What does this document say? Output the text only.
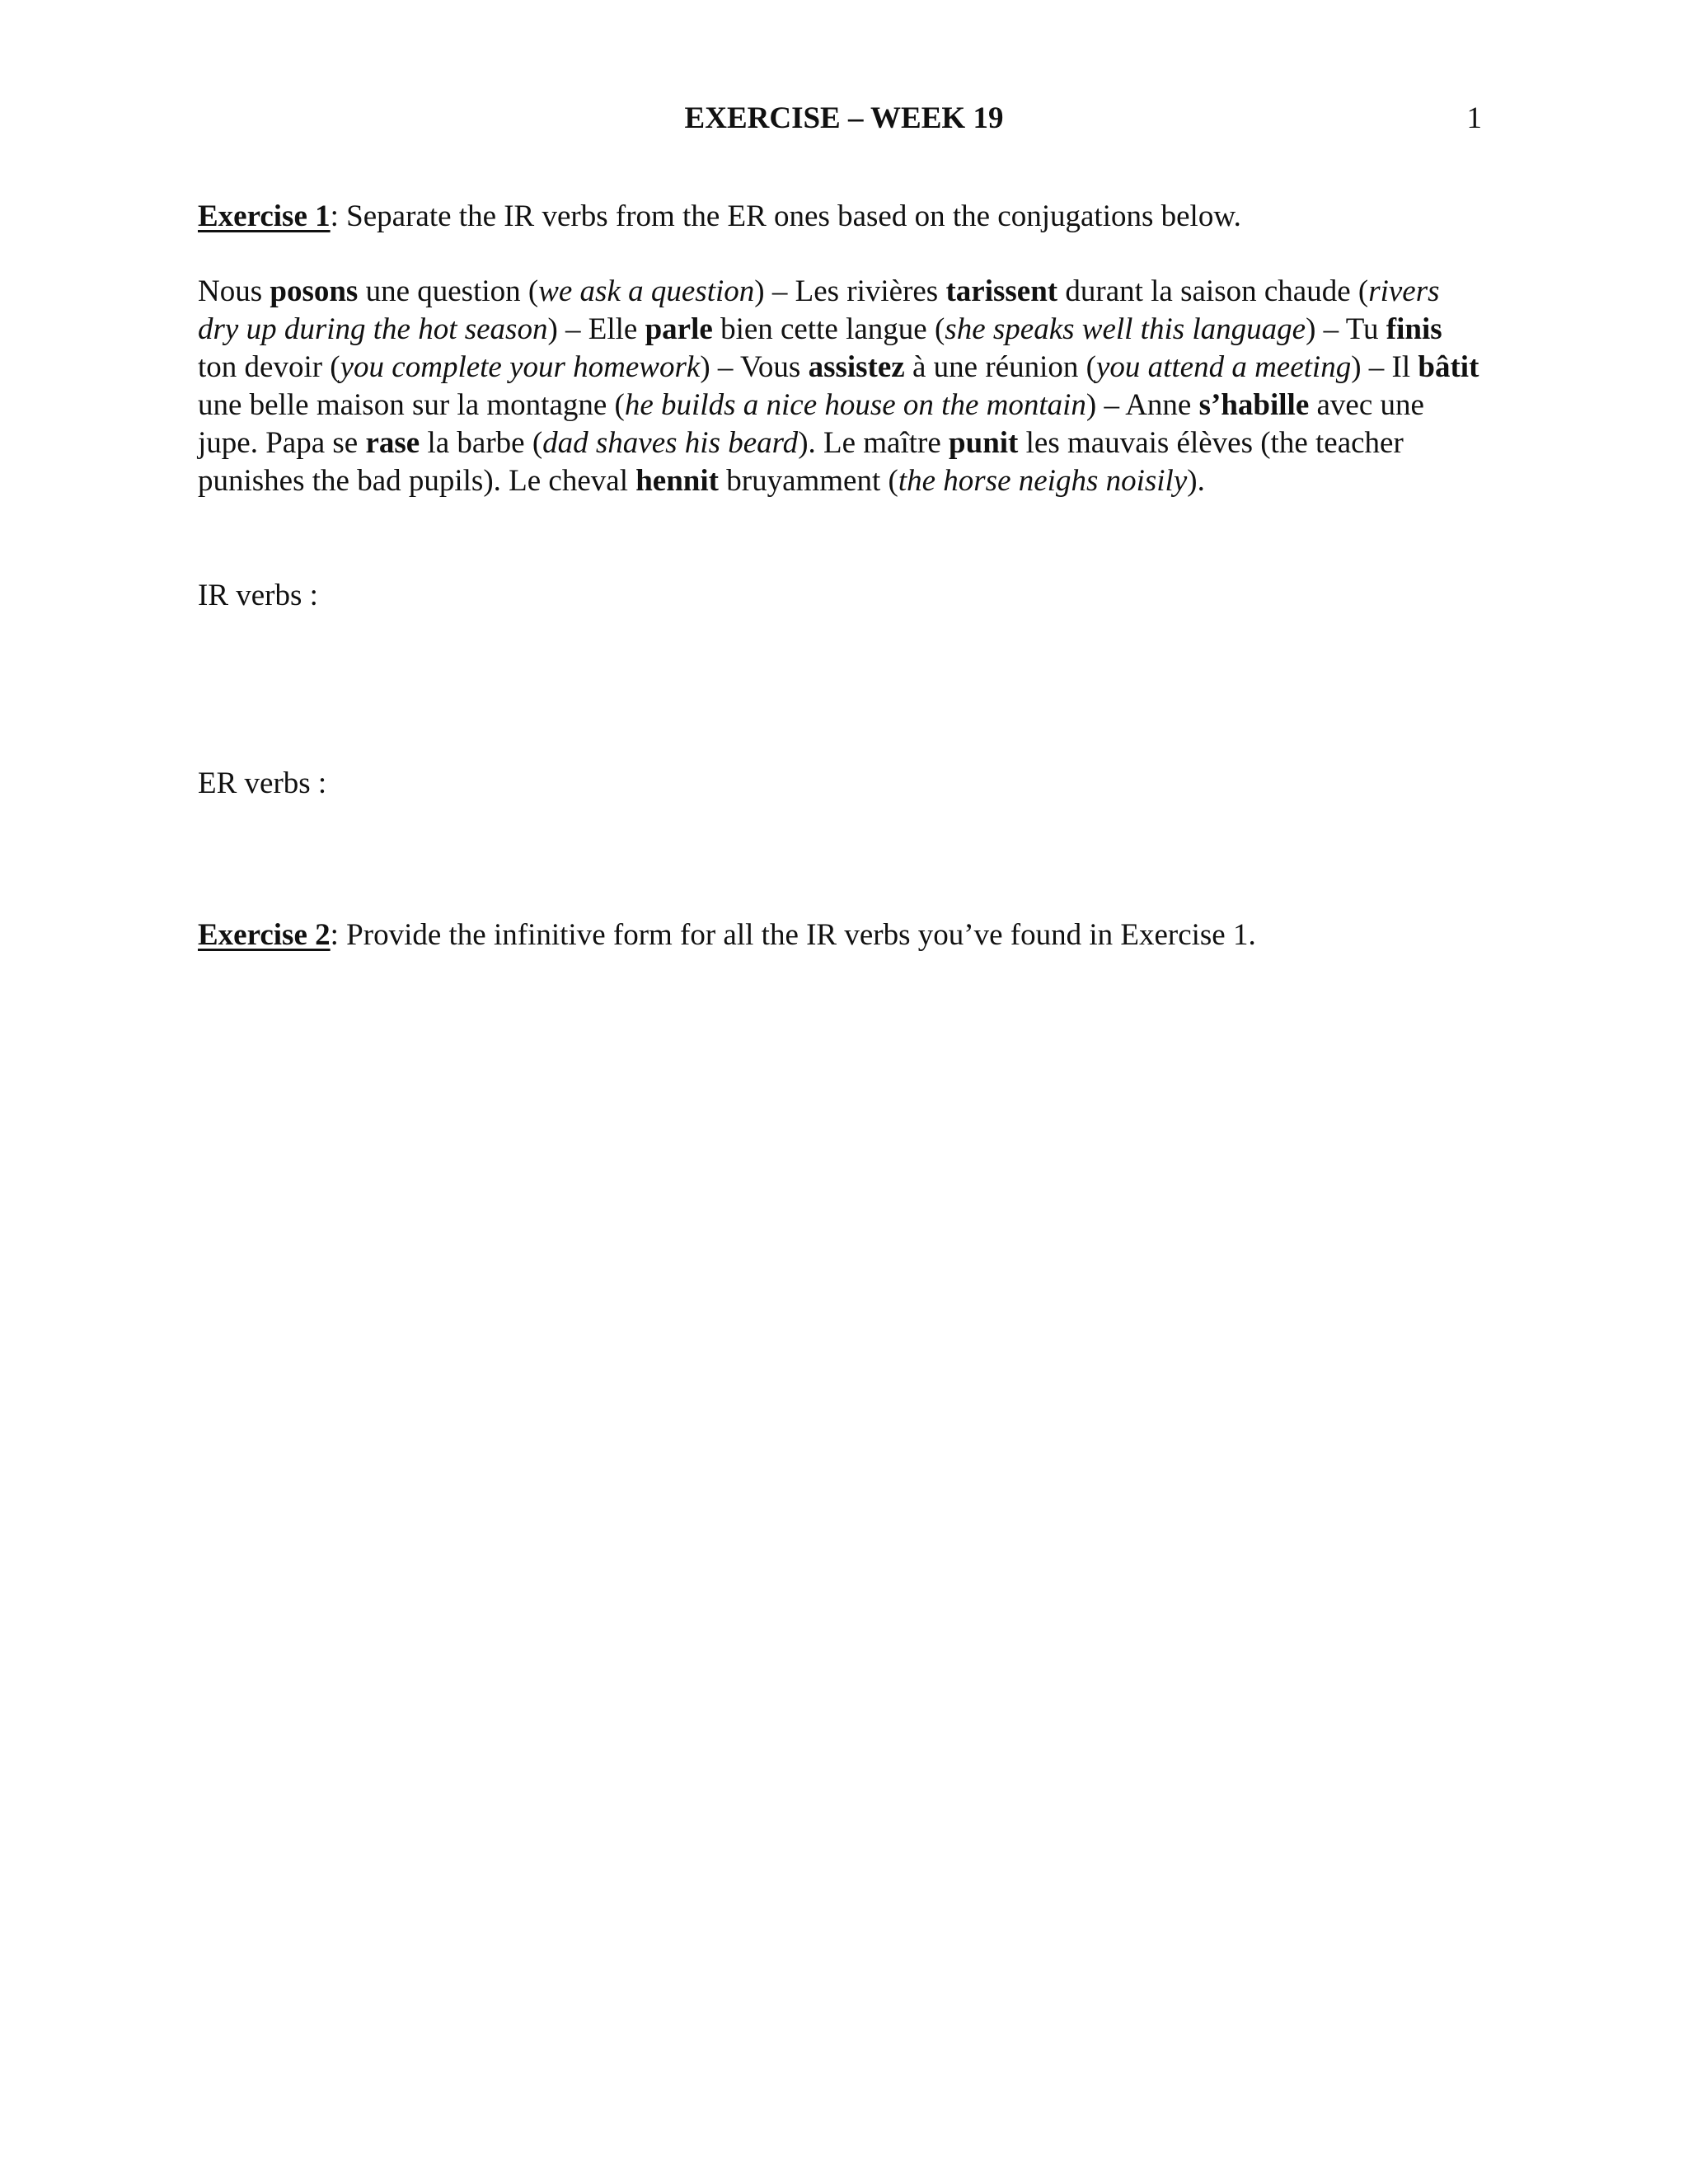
EXERCISE – WEEK 19	1
Exercise 1: Separate the IR verbs from the ER ones based on the conjugations below.
Nous posons une question (we ask a question) – Les rivières tarissent durant la saison chaude (rivers dry up during the hot season) – Elle parle bien cette langue (she speaks well this language) – Tu finis ton devoir (you complete your homework) – Vous assistez à une réunion (you attend a meeting) – Il bâtit une belle maison sur la montagne (he builds a nice house on the montain) – Anne s’habille avec une jupe. Papa se rase la barbe (dad shaves his beard). Le maître punit les mauvais élèves (the teacher punishes the bad pupils). Le cheval hennit bruyamment (the horse neighs noisily).
IR verbs :
ER verbs :
Exercise 2: Provide the infinitive form for all the IR verbs you’ve found in Exercise 1.
